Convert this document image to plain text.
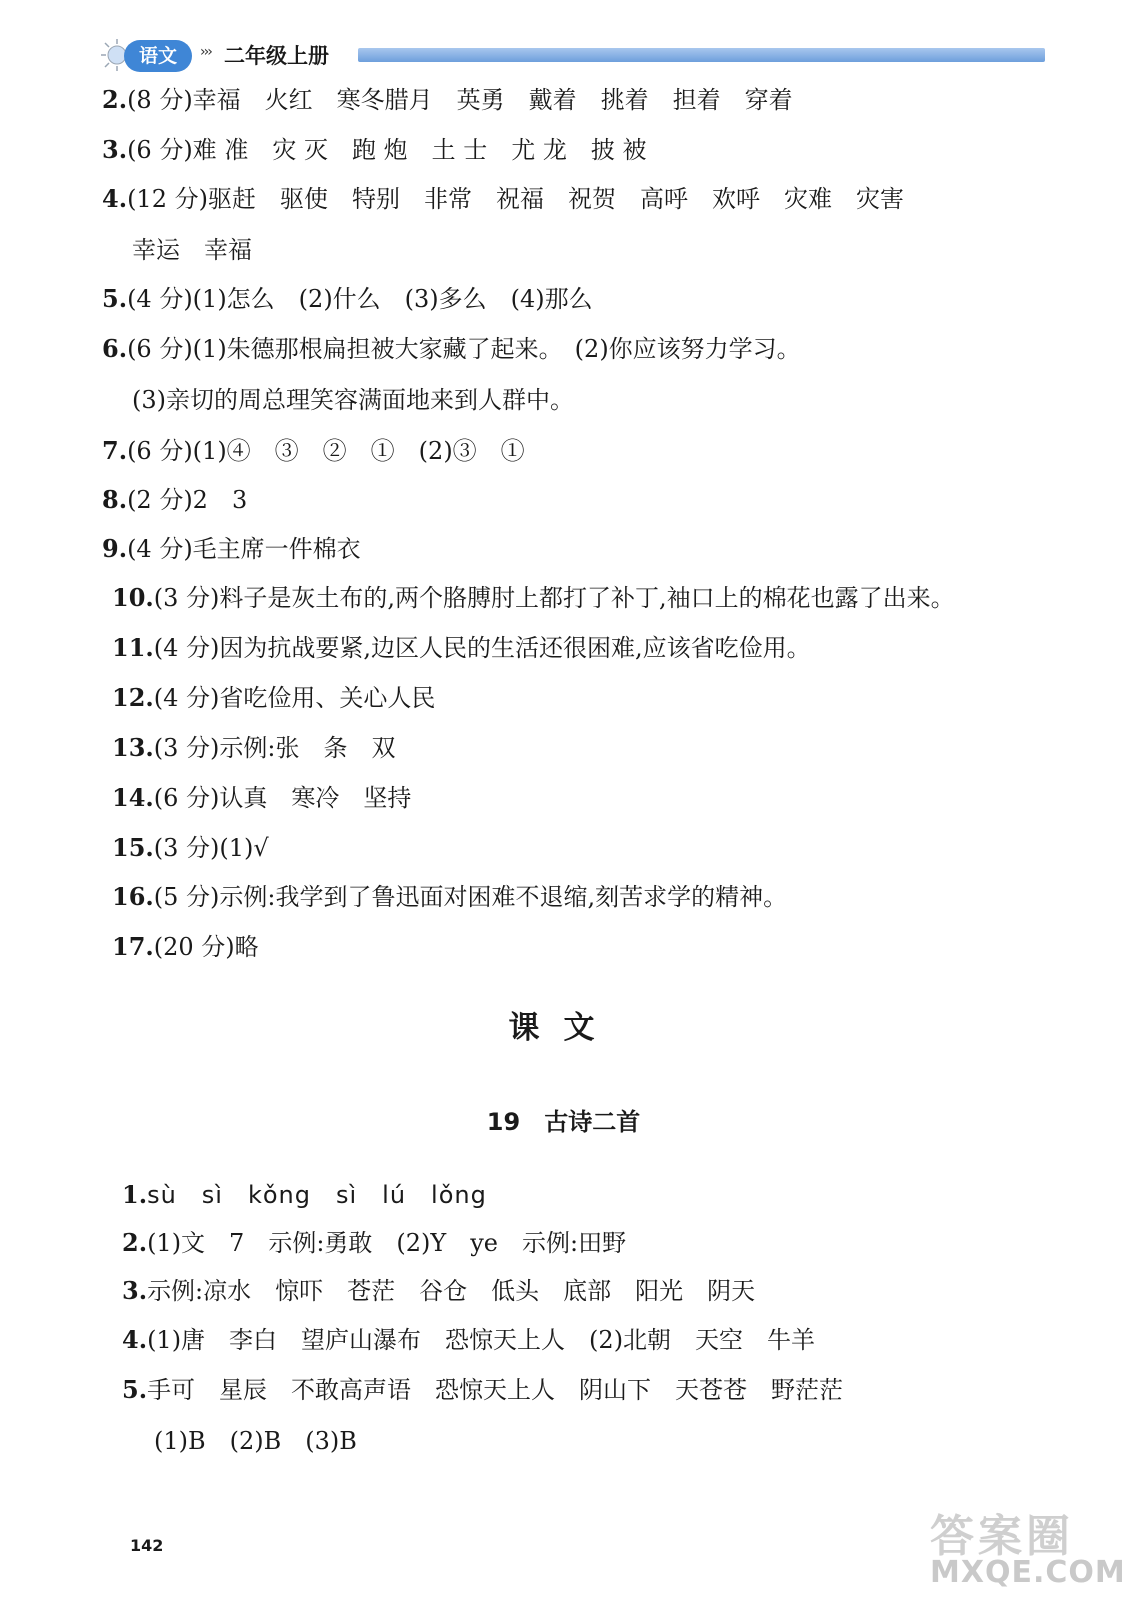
语文	››› 二年级上册
2.(8 分)幸福　火红　寒冬腊月　英勇　戴着　挑着　担着　穿着
3.(6 分)难 准　灾 灭　跑 炮　土 士　尤 龙　披 被
4.(12 分)驱赶　驱使　特别　非常　祝福　祝贺　高呼　欢呼　灾难　灾害
幸运　幸福
5.(4 分)(1)怎么　(2)什么　(3)多么　(4)那么
6.(6 分)(1)朱德那根扁担被大家藏了起来。　(2)你应该努力学习。
(3)亲切的周总理笑容满面地来到人群中。
7.(6 分)(1)④　③　②　①　(2)③　①
8.(2 分)2　3
9.(4 分)毛主席一件棉衣
10.(3 分)料子是灰土布的,两个胳膊肘上都打了补丁,袖口上的棉花也露了出来。
11.(4 分)因为抗战要紧,边区人民的生活还很困难,应该省吃俭用。
12.(4 分)省吃俭用、关心人民
13.(3 分)示例:张　条　双
14.(6 分)认真　寒冷　坚持
15.(3 分)(1)√
16.(5 分)示例:我学到了鲁迅面对困难不退缩,刻苦求学的精神。
17.(20 分)略
课文
19　古诗二首
1.sù　sì　kǒng　sì　lú　lǒng
2.(1)文　7　示例:勇敢　(2)Y　ye　示例:田野
3.示例:凉水　惊吓　苍茫　谷仓　低头　底部　阳光　阴天
4.(1)唐　李白　望庐山瀑布　恐惊天上人　(2)北朝　天空　牛羊
5.手可　星辰　不敢高声语　恐惊天上人　阴山下　天苍苍　野茫茫
(1)B　(2)B　(3)B
142	答案圈
MXQE.COM
